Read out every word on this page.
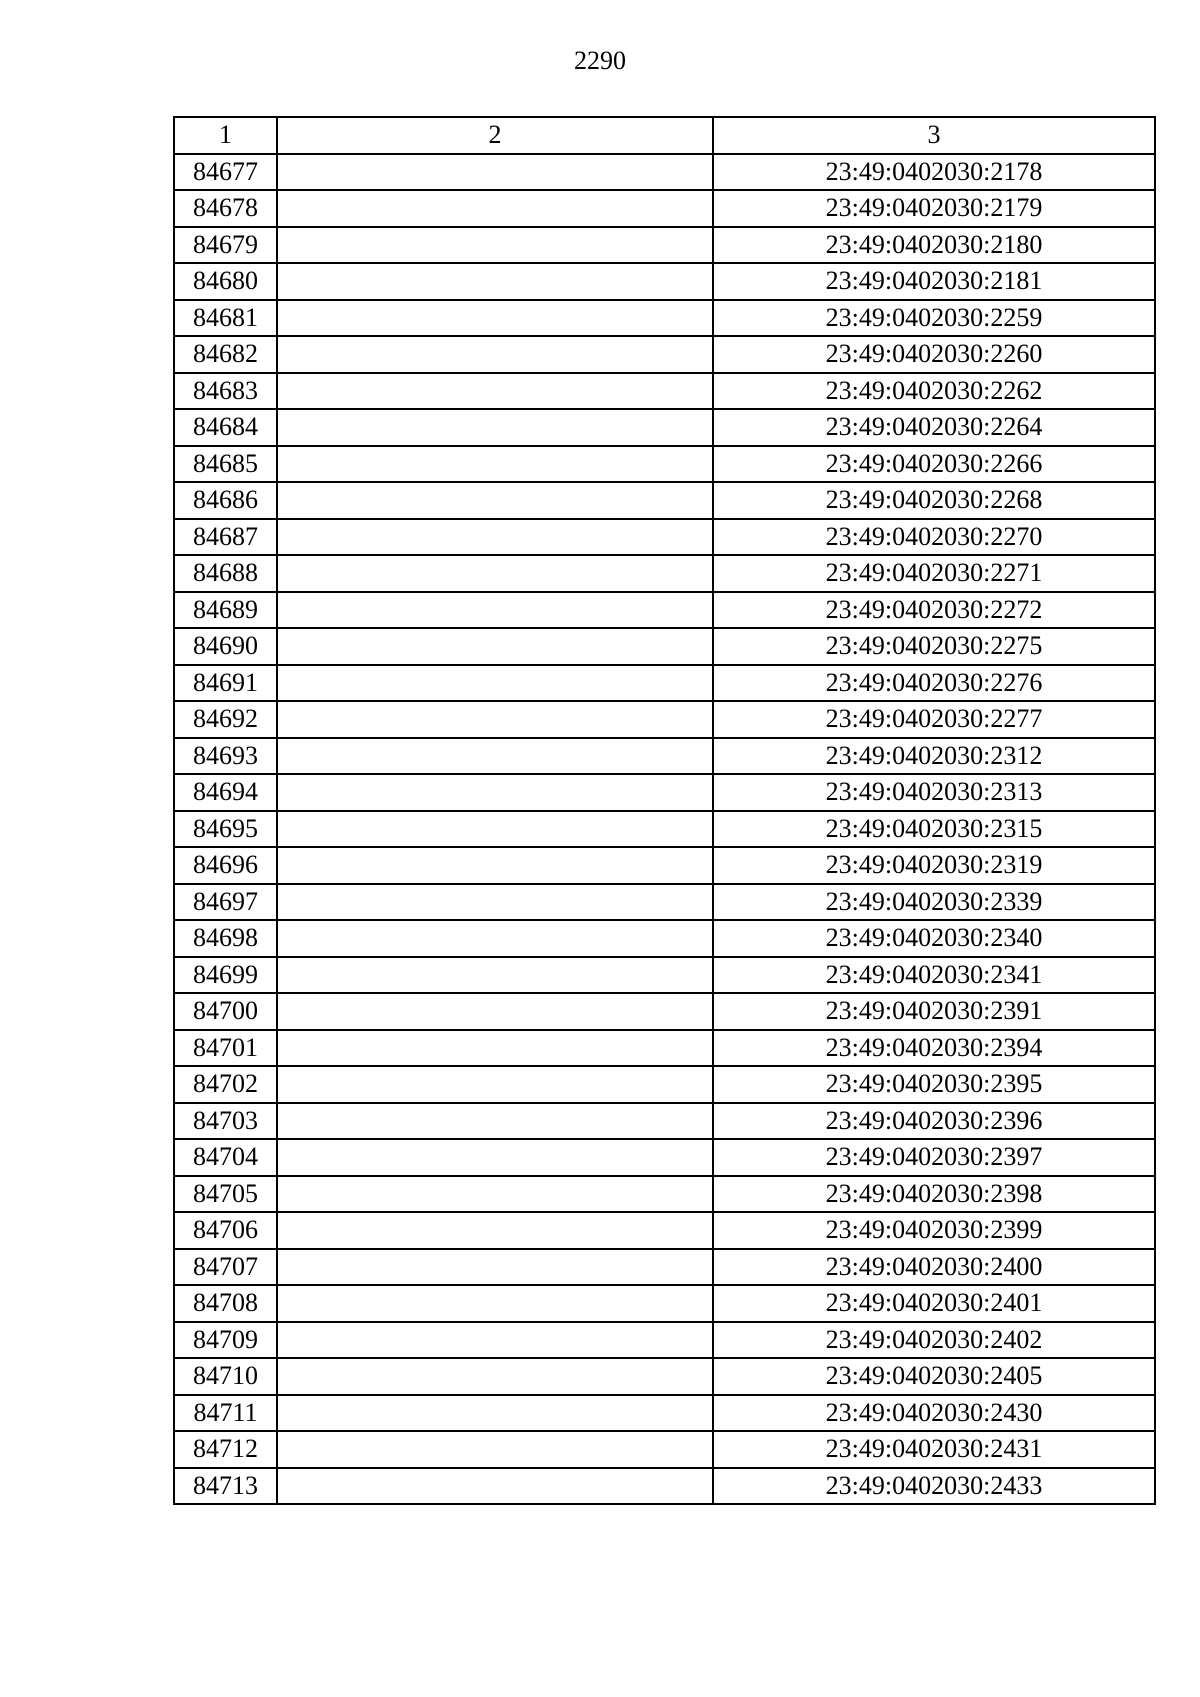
2290
1	2	3
84677		23:49:0402030:2178
84678		23:49:0402030:2179
84679		23:49:0402030:2180
84680		23:49:0402030:2181
84681		23:49:0402030:2259
84682		23:49:0402030:2260
84683		23:49:0402030:2262
84684		23:49:0402030:2264
84685		23:49:0402030:2266
84686		23:49:0402030:2268
84687		23:49:0402030:2270
84688		23:49:0402030:2271
84689		23:49:0402030:2272
84690		23:49:0402030:2275
84691		23:49:0402030:2276
84692		23:49:0402030:2277
84693		23:49:0402030:2312
84694		23:49:0402030:2313
84695		23:49:0402030:2315
84696		23:49:0402030:2319
84697		23:49:0402030:2339
84698		23:49:0402030:2340
84699		23:49:0402030:2341
84700		23:49:0402030:2391
84701		23:49:0402030:2394
84702		23:49:0402030:2395
84703		23:49:0402030:2396
84704		23:49:0402030:2397
84705		23:49:0402030:2398
84706		23:49:0402030:2399
84707		23:49:0402030:2400
84708		23:49:0402030:2401
84709		23:49:0402030:2402
84710		23:49:0402030:2405
84711		23:49:0402030:2430
84712		23:49:0402030:2431
84713		23:49:0402030:2433
